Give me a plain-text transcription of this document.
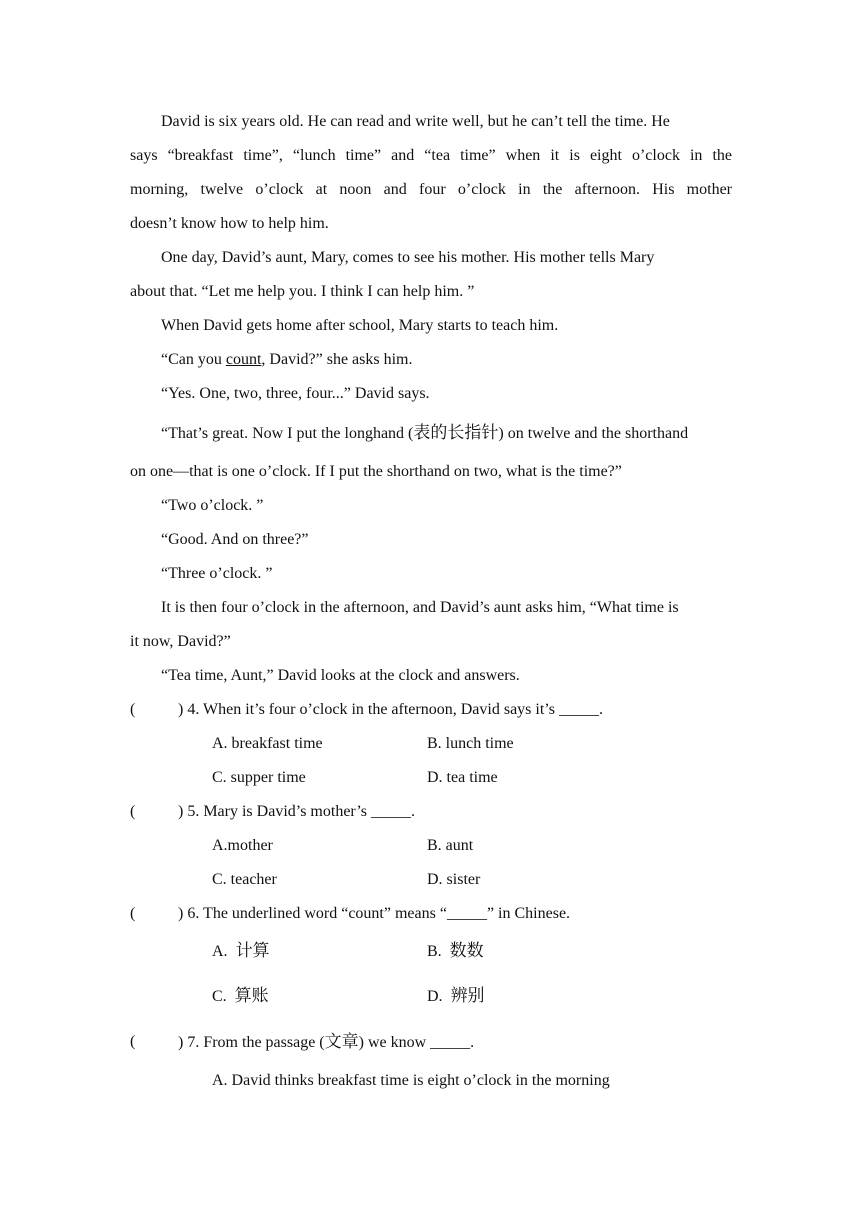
David is six years old. He can read and write well, but he can’t tell the time. He
says “breakfast time”, “lunch time” and “tea time” when it is eight o’clock in the
morning, twelve o’clock at noon and four o’clock in the afternoon. His mother
doesn’t know how to help him.
One day, David’s aunt, Mary, comes to see his mother. His mother tells Mary
about that. “Let me help you. I think I can help him. ”
When David gets home after school, Mary starts to teach him.
“Can you count, David?” she asks him.
“Yes. One, two, three, four...” David says.
“That’s great. Now I put the longhand (表的长指针) on twelve and the shorthand
on one—that is one o’clock. If I put the shorthand on two, what is the time?”
“Two o’clock. ”
“Good. And on three?”
“Three o’clock. ”
It is then four o’clock in the afternoon, and David’s aunt asks him, “What time is
it now, David?”
“Tea time, Aunt,” David looks at the clock and answers.
(	) 4. When it’s four o’clock in the afternoon, David says it’s _____.
A. breakfast time	B. lunch time
C. supper time	D. tea time
(	) 5. Mary is David’s mother’s _____.
A.mother	B. aunt
C. teacher	D. sister
(	) 6. The underlined word “count” means “_____” in Chinese.
A. 计算	B. 数数
C. 算账	D. 辨别
(	) 7. From the passage (文章) we know _____.
A. David thinks breakfast time is eight o’clock in the morning
